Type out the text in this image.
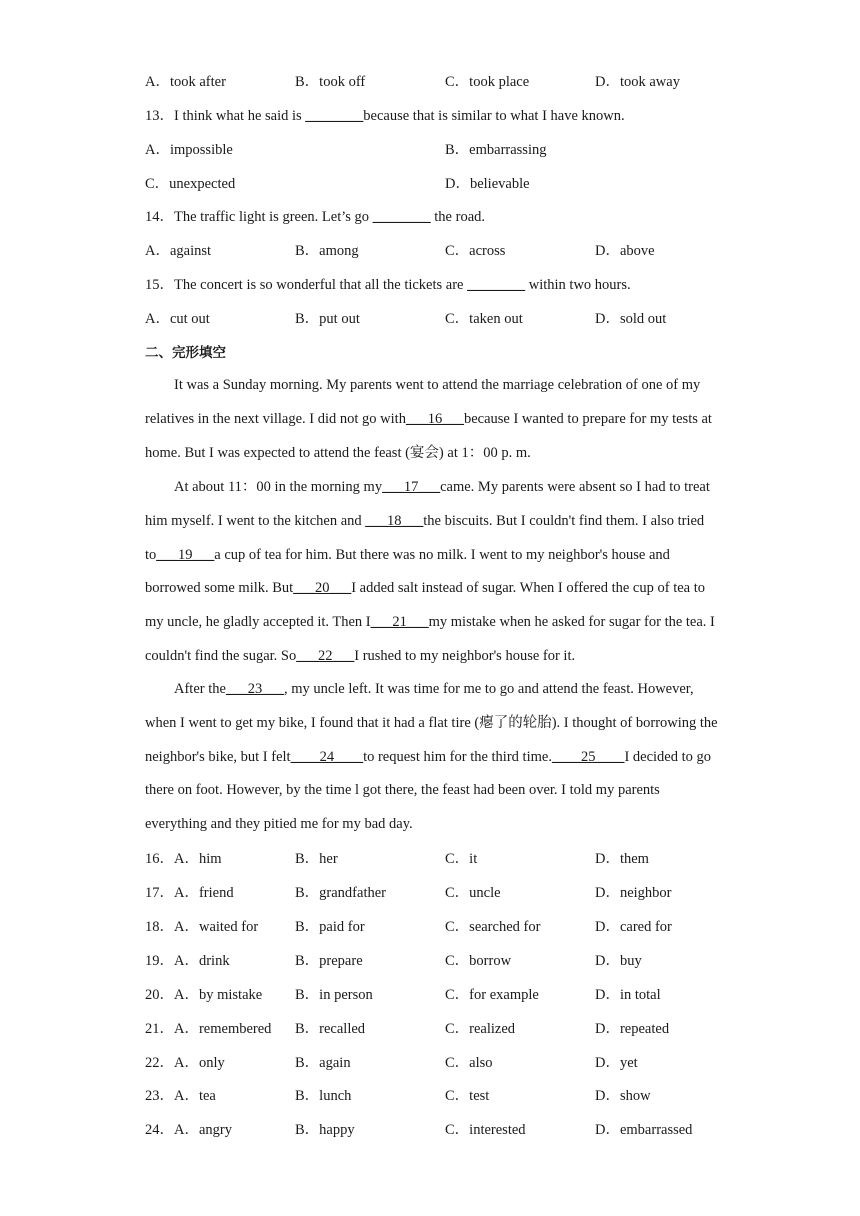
A．took after	B．took off	C．took place	D．took away
13．I think what he said is ________because that is similar to what I have known.
A．impossible	B．embarrassing
C．unexpected	D．believable
14．The traffic light is green. Let’s go ________ the road.
A．against	B．among	C．across	D．above
15．The concert is so wonderful that all the tickets are ________ within two hours.
A．cut out	B．put out	C．taken out	D．sold out
二、完形填空
It was a Sunday morning. My parents went to attend the marriage celebration of one of my relatives in the next village. I did not go with___16___because I wanted to prepare for my tests at home. But I was expected to attend the feast (宴会) at 1：00 p. m.
At about 11：00 in the morning my___17___came. My parents were absent so I had to treat him myself. I went to the kitchen and ___18___the biscuits. But I couldn't find them. I also tried to___19___a cup of tea for him. But there was no milk. I went to my neighbor's house and borrowed some milk. But___20___I added salt instead of sugar. When I offered the cup of tea to my uncle, he gladly accepted it. Then I___21___my mistake when he asked for sugar for the tea. I couldn't find the sugar. So___22___I rushed to my neighbor's house for it.
After the___23___, my uncle left. It was time for me to go and attend the feast. However, when I went to get my bike, I found that it had a flat tire (瘪了的轮胎). I thought of borrowing the neighbor's bike, but I felt____24____to request him for the third time.____25____I decided to go there on foot. However, by the time l got there, the feast had been over. I told my parents everything and they pitied me for my bad day.
16．A．him	B．her	C．it	D．them
17．A．friend	B．grandfather	C．uncle	D．neighbor
18．A．waited for	B．paid for	C．searched for	D．cared for
19．A．drink	B．prepare	C．borrow	D．buy
20．A．by mistake B．in person	C．for example	D．in total
21．A．remembered B．recalled	C．realized	D．repeated
22．A．only	B．again	C．also	D．yet
23．A．tea	B．lunch	C．test	D．show
24．A．angry	B．happy	C．interested	D．embarrassed
